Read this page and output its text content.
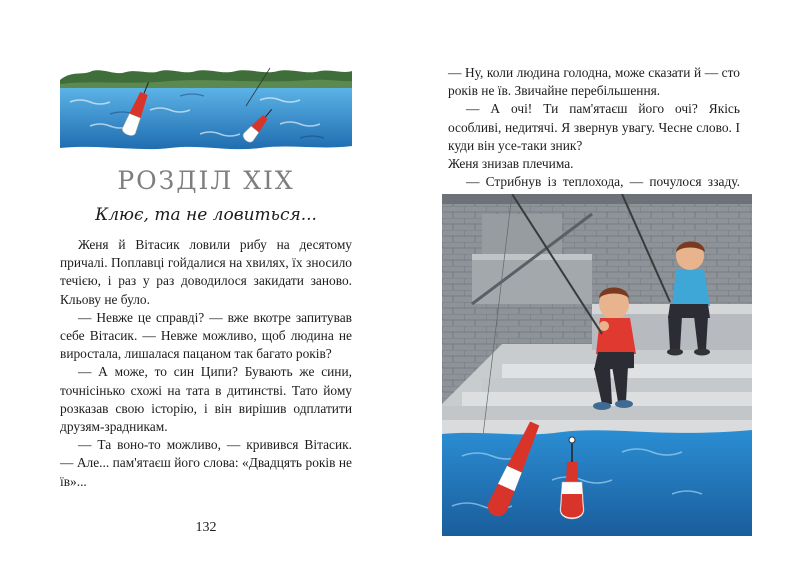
РОЗДІЛ XIX
Клює, та не ловиться...

Женя й Вітасик ловили рибу на десятому причалі. Поплавці гойдалися на хвилях, їх зносило течією, і раз у раз доводилося закидати заново. Кльову не було.

— Невже це справді? — вже вкотре запитував себе Вітасик. — Невже можливо, щоб людина не виростала, лишалася пацаном так багато років?

— А може, то син Ципи? Бувають же сини, точнісінько схожі на тата в дитинстві. Тато йому розказав свою історію, і він вирішив одплатити друзям-зрадникам.

— Та воно-то можливо, — кривився Вітасик. — Але... пам'ятаєш його слова: «Двадцять років не їв»...

132

— Ну, коли людина голодна, може сказати й — сто років не їв. Звичайне перебільшення.

— А очі! Ти пам'ятаєш його очі? Якісь особливі, недитячі. Я звернув увагу. Чесне слово. І куди він усе-таки зник?

Женя знизав плечима.

— Стрибнув із теплохода, — почулося ззаду.
